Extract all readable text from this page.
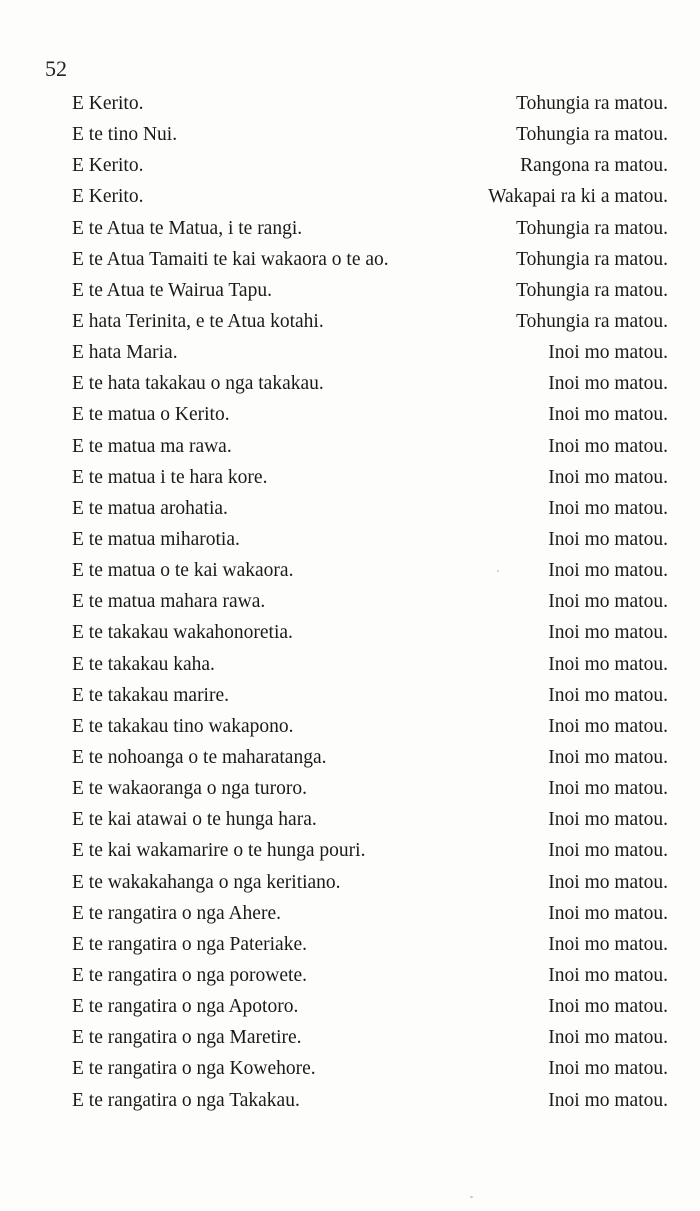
52
E Kerito.	Tohungia ra matou.
E te tino Nui.	Tohungia ra matou.
E Kerito.	Rangona ra matou.
E Kerito.	Wakapai ra ki a matou.
E te Atua te Matua, i te rangi.	Tohungia ra matou.
E te Atua Tamaiti te kai wakaora o te ao.	Tohungia ra matou.
E te Atua te Wairua Tapu.	Tohungia ra matou.
E hata Terinita, e te Atua kotahi.	Tohungia ra matou.
E hata Maria.	Inoi mo matou.
E te hata takakau o nga takakau.	Inoi mo matou.
E te matua o Kerito.	Inoi mo matou.
E te matua ma rawa.	Inoi mo matou.
E te matua i te hara kore.	Inoi mo matou.
E te matua arohatia.	Inoi mo matou.
E te matua miharotia.	Inoi mo matou.
E te matua o te kai wakaora.	Inoi mo matou.
E te matua mahara rawa.	Inoi mo matou.
E te takakau wakahonoretia.	Inoi mo matou.
E te takakau kaha.	Inoi mo matou.
E te takakau marire.	Inoi mo matou.
E te takakau tino wakapono.	Inoi mo matou.
E te nohoanga o te maharatanga.	Inoi mo matou.
E te wakaoranga o nga turoro.	Inoi mo matou.
E te kai atawai o te hunga hara.	Inoi mo matou.
E te kai wakamarire o te hunga pouri.	Inoi mo matou.
E te wakakahanga o nga keritiano.	Inoi mo matou.
E te rangatira o nga Ahere.	Inoi mo matou.
E te rangatira o nga Pateriake.	Inoi mo matou.
E te rangatira o nga porowete.	Inoi mo matou.
E te rangatira o nga Apotoro.	Inoi mo matou.
E te rangatira o nga Maretire.	Inoi mo matou.
E te rangatira o nga Kowehore.	Inoi mo matou.
E te rangatira o nga Takakau.	Inoi mo matou.
